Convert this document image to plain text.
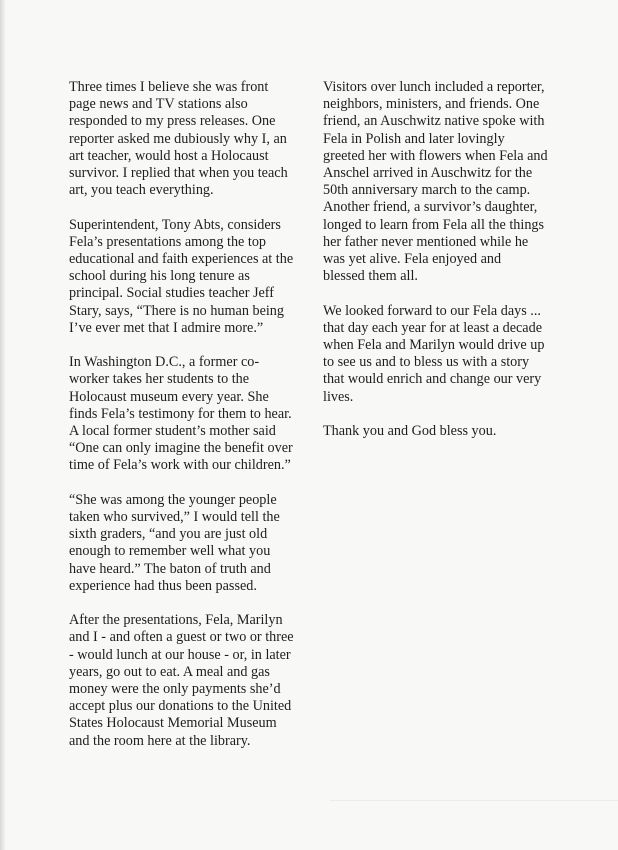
Three times I believe she was front
page news and TV stations also
responded to my press releases. One
reporter asked me dubiously why I, an
art teacher, would host a Holocaust
survivor. I replied that when you teach
art, you teach everything.

Superintendent, Tony Abts, considers
Fela’s presentations among the top
educational and faith experiences at the
school during his long tenure as
principal. Social studies teacher Jeff
Stary, says, “There is no human being
I’ve ever met that I admire more.”

In Washington D.C., a former co-
worker takes her students to the
Holocaust museum every year. She
finds Fela’s testimony for them to hear.
A local former student’s mother said
“One can only imagine the benefit over
time of Fela’s work with our children.”

“She was among the younger people
taken who survived,” I would tell the
sixth graders, “and you are just old
enough to remember well what you
have heard.” The baton of truth and
experience had thus been passed.

After the presentations, Fela, Marilyn
and I - and often a guest or two or three
- would lunch at our house - or, in later
years, go out to eat. A meal and gas
money were the only payments she’d
accept plus our donations to the United
States Holocaust Memorial Museum
and the room here at the library.

Visitors over lunch included a reporter,
neighbors, ministers, and friends. One
friend, an Auschwitz native spoke with
Fela in Polish and later lovingly
greeted her with flowers when Fela and
Anschel arrived in Auschwitz for the
50th anniversary march to the camp.
Another friend, a survivor’s daughter,
longed to learn from Fela all the things
her father never mentioned while he
was yet alive. Fela enjoyed and
blessed them all.

We looked forward to our Fela days ...
that day each year for at least a decade
when Fela and Marilyn would drive up
to see us and to bless us with a story
that would enrich and change our very
lives.

Thank you and God bless you.
